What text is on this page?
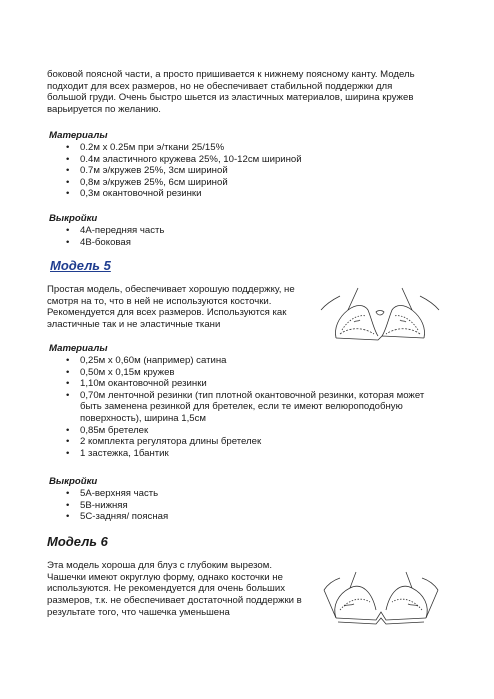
боковой поясной части, а просто пришивается к нижнему поясному канту. Модель
подходит для всех размеров, но не обеспечивает стабильной поддержки для
большой груди. Очень быстро шьется из эластичных материалов, ширина кружев
варьируется по желанию.

Материалы

• 0.2м x 0.25м при э/ткани 25/15%
• 0.4м эластичного кружева 25%, 10-12см шириной
• 0.7м э/кружев 25%, 3см шириной
• 0,8м э/кружев 25%, 6см шириной
• 0,3м окантовочной резинки

Выкройки

• 4А-передняя часть
• 4В-боковая

Модель 5

Простая модель, обеспечивает хорошую поддержку, не
смотря на то, что в ней не используются косточки.
Рекомендуется для всех размеров. Используются как
эластичные так и не эластичные ткани

Материалы

• 0,25м x 0,60м (например) сатина
• 0,50м x 0,15м кружев
• 1,10м окантовочной резинки
• 0,70м ленточной резинки (тип плотной окантовочной резинки, которая может
быть заменена резинкой для бретелек, если те имеют велюроподобную
поверхность), ширина 1,5см
• 0,85м бретелек
• 2 комплекта регулятора длины бретелек
• 1 застежка, 1бантик

Выкройки

• 5А-верхняя часть
• 5В-нижняя
• 5С-задняя/ поясная

Модель 6

Эта модель хороша для блуз с глубоким вырезом.
Чашечки имеют округлую форму, однако косточки не
используются. Не рекомендуется для очень больших
размеров, т.к. не обеспечивает достаточной поддержки в
результате того, что чашечка уменьшена
